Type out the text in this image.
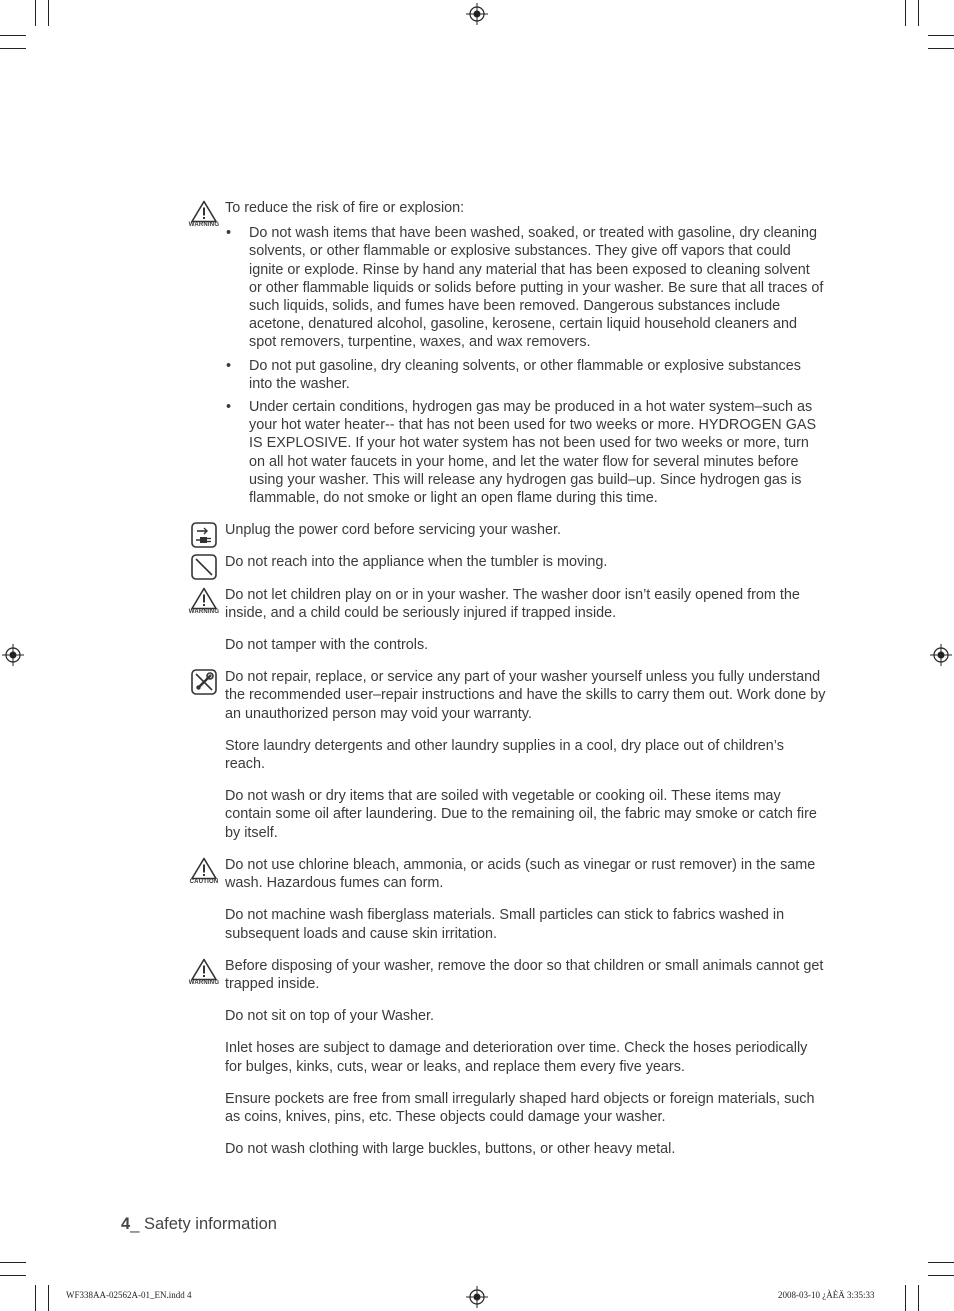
WARNING

To reduce the risk of fire or explosion:

• Do not wash items that have been washed, soaked, or treated with gasoline, dry cleaning solvents, or other flammable or explosive substances. They give off vapors that could ignite or explode. Rinse by hand any material that has been exposed to cleaning solvent or other flammable liquids or solids before putting in your washer. Be sure that all traces of such liquids, solids, and fumes have been removed. Dangerous substances include acetone, denatured alcohol, gasoline, kerosene, certain liquid household cleaners and spot removers, turpentine, waxes, and wax removers.
• Do not put gasoline, dry cleaning solvents, or other flammable or explosive substances into the washer.
• Under certain conditions, hydrogen gas may be produced in a hot water system–such as your hot water heater-- that has not been used for two weeks or more. HYDROGEN GAS IS EXPLOSIVE. If your hot water system has not been used for two weeks or more, turn on all hot water faucets in your home, and let the water flow for several minutes before using your washer. This will release any hydrogen gas build–up. Since hydrogen gas is flammable, do not smoke or light an open flame during this time.

Unplug the power cord before servicing your washer.

Do not reach into the appliance when the tumbler is moving.

WARNING

Do not let children play on or in your washer. The washer door isn’t easily opened from the inside, and a child could be seriously injured if trapped inside.

Do not tamper with the controls.

Do not repair, replace, or service any part of your washer yourself unless you fully understand the recommended user–repair instructions and have the skills to carry them out. Work done by an unauthorized person may void your warranty.

Store laundry detergents and other laundry supplies in a cool, dry place out of children’s reach.

Do not wash or dry items that are soiled with vegetable or cooking oil. These items may contain some oil after laundering. Due to the remaining oil, the fabric may smoke or catch fire by itself.

CAUTION

Do not use chlorine bleach, ammonia, or acids (such as vinegar or rust remover) in the same wash. Hazardous fumes can form.

Do not machine wash fiberglass materials. Small particles can stick to fabrics washed in subsequent loads and cause skin irritation.

WARNING

Before disposing of your washer, remove the door so that children or small animals cannot get trapped inside.

Do not sit on top of your Washer.

Inlet hoses are subject to damage and deterioration over time. Check the hoses periodically for bulges, kinks, cuts, wear or leaks, and replace them every five years.

Ensure pockets are free from small irregularly shaped hard objects or foreign materials, such as coins, knives, pins, etc. These objects could damage your washer.

Do not wash clothing with large buckles, buttons, or other heavy metal.

4_ Safety information
WF338AA-02562A-01_EN.indd 4	2008-03-10 ¿ÀÈÄ 3:35:33
